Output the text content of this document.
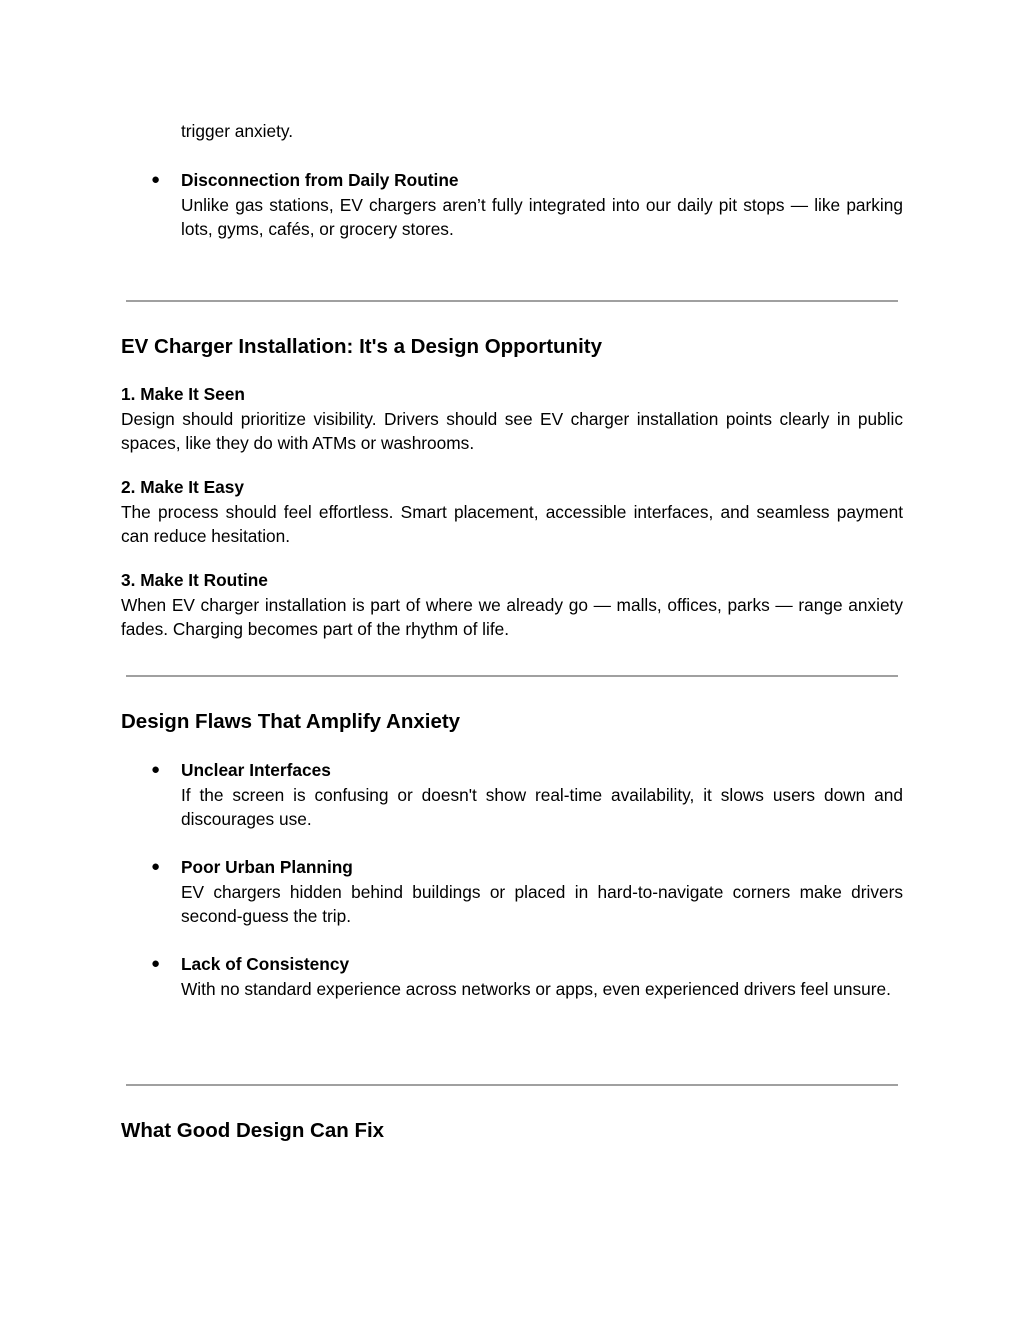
trigger anxiety.
● Disconnection from Daily Routine
Unlike gas stations, EV chargers aren’t fully integrated into our daily pit stops — like parking lots, gyms, cafés, or grocery stores.
EV Charger Installation: It's a Design Opportunity
1. Make It Seen
Design should prioritize visibility. Drivers should see EV charger installation points clearly in public spaces, like they do with ATMs or washrooms.
2. Make It Easy
The process should feel effortless. Smart placement, accessible interfaces, and seamless payment can reduce hesitation.
3. Make It Routine
When EV charger installation is part of where we already go — malls, offices, parks — range anxiety fades. Charging becomes part of the rhythm of life.
Design Flaws That Amplify Anxiety
● Unclear Interfaces
If the screen is confusing or doesn't show real-time availability, it slows users down and discourages use.
● Poor Urban Planning
EV chargers hidden behind buildings or placed in hard-to-navigate corners make drivers second-guess the trip.
● Lack of Consistency
With no standard experience across networks or apps, even experienced drivers feel unsure.
What Good Design Can Fix
